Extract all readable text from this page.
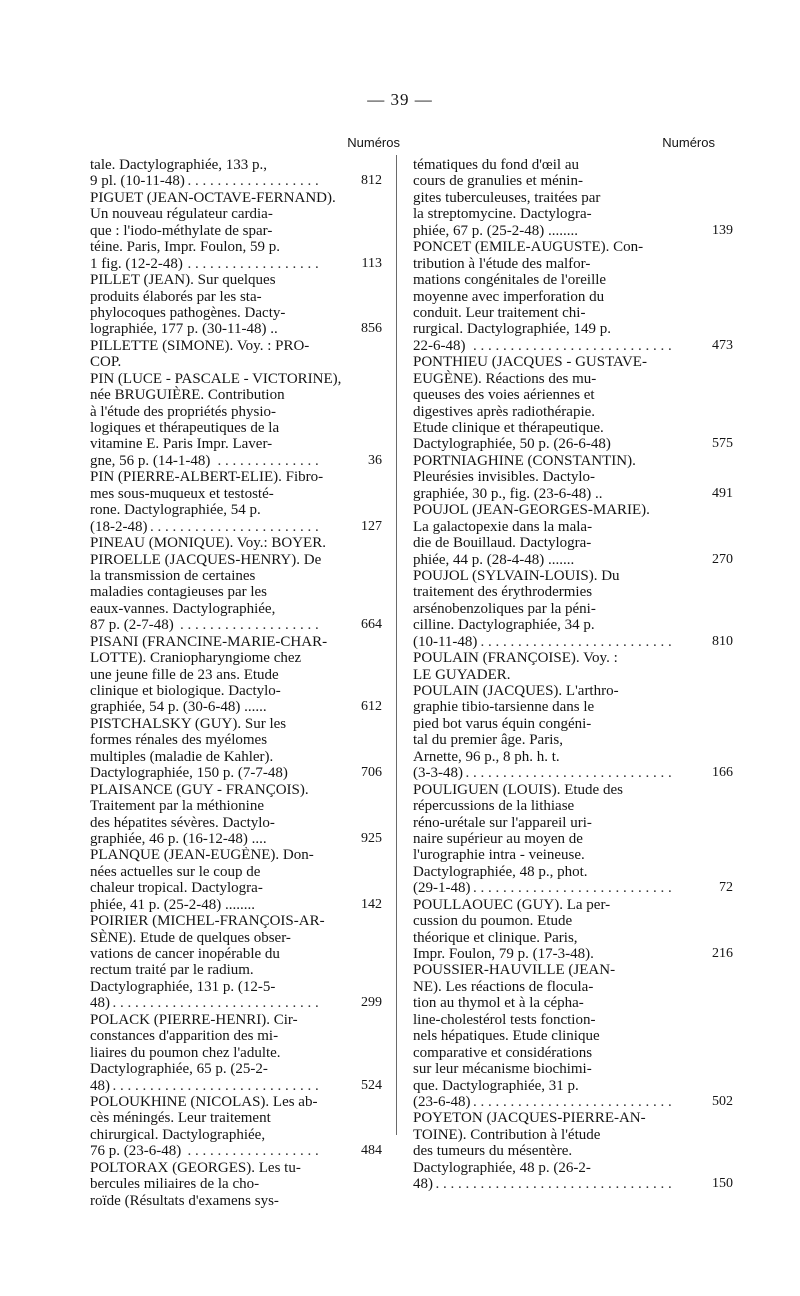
— 39 —
Numéros	Numéros
tale. Dactylographiée, 133 p.,
. . .
9 pl. (10-11-48)	812
PIGUET (JEAN-OCTAVE-FERNAND).
Un nouveau régulateur cardia-
que : l'iodo-méthylate de spar-
téine. Paris, Impr. Foulon, 59 p.
. . .
1 fig. (12-2-48)	113
PILLET (JEAN). Sur quelques
produits élaborés par les sta-
phylocoques pathogènes. Dacty-
lographiée, 177 p. (30-11-48) ..	856
PILLETTE (SIMONE). Voy. : PRO-
COP.
PIN (LUCE - PASCALE - VICTORINE),
née BRUGUIÈRE. Contribution
à l'étude des propriétés physio-
logiques et thérapeutiques de la
vitamine E. Paris Impr. Laver-
. . .
gne, 56 p. (14-1-48)	36
PIN (PIERRE-ALBERT-ELIE). Fibro-
mes sous-muqueux et testosté-
rone. Dactylographiée, 54 p.
. . .
(18-2-48)	127
PINEAU (MONIQUE). Voy.: BOYER.
PIROELLE (JACQUES-HENRY). De
la transmission de certaines
maladies contagieuses par les
eaux-vannes. Dactylographiée,
. . .
87 p. (2-7-48)	664
PISANI (FRANCINE-MARIE-CHAR-
LOTTE). Craniopharyngiome chez
une jeune fille de 23 ans. Etude
clinique et biologique. Dactylo-
graphiée, 54 p. (30-6-48) ......	612
PISTCHALSKY (GUY). Sur les
formes rénales des myélomes
multiples (maladie de Kahler).
Dactylographiée, 150 p. (7-7-48)	706
PLAISANCE (GUY - FRANÇOIS).
Traitement par la méthionine
des hépatites sévères. Dactylo-
graphiée, 46 p. (16-12-48) ....	925
PLANQUE (JEAN-EUGÈNE). Don-
nées actuelles sur le coup de
chaleur tropical. Dactylogra-
phiée, 41 p. (25-2-48) ........	142
POIRIER (MICHEL-FRANÇOIS-AR-
SÈNE). Etude de quelques obser-
vations de cancer inopérable du
rectum traité par le radium.
Dactylographiée, 131 p. (12-5-
. . .
48)	299
POLACK (PIERRE-HENRI). Cir-
constances d'apparition des mi-
liaires du poumon chez l'adulte.
Dactylographiée, 65 p. (25-2-
. . .
48)	524
POLOUKHINE (NICOLAS). Les ab-
cès méningés. Leur traitement
chirurgical. Dactylographiée,
. . .
76 p. (23-6-48)	484
POLTORAX (GEORGES). Les tu-
bercules miliaires de la cho-
roïde (Résultats d'examens sys-
tématiques du fond d'œil au
cours de granulies et ménin-
gites tuberculeuses, traitées par
la streptomycine. Dactylogra-
phiée, 67 p. (25-2-48) ........	139
PONCET (EMILE-AUGUSTE). Con-
tribution à l'étude des malfor-
mations congénitales de l'oreille
moyenne avec imperforation du
conduit. Leur traitement chi-
rurgical. Dactylographiée, 149 p.
. . .
22-6-48)	473
PONTHIEU (JACQUES - GUSTAVE-
EUGÈNE). Réactions des mu-
queuses des voies aériennes et
digestives après radiothérapie.
Etude clinique et thérapeutique.
Dactylographiée, 50 p. (26-6-48)	575
PORTNIAGHINE (CONSTANTIN).
Pleurésies invisibles. Dactylo-
graphiée, 30 p., fig. (23-6-48) ..	491
POUJOL (JEAN-GEORGES-MARIE).
La galactopexie dans la mala-
die de Bouillaud. Dactylogra-
phiée, 44 p. (28-4-48) .......	270
POUJOL (SYLVAIN-LOUIS). Du
traitement des érythrodermies
arsénobenzoliques par la péni-
cilline. Dactylographiée, 34 p.
. . .
(10-11-48)	810
POULAIN (FRANÇOISE). Voy. :
LE GUYADER.
POULAIN (JACQUES). L'arthro-
graphie tibio-tarsienne dans le
pied bot varus équin congéni-
tal du premier âge. Paris,
Arnette, 96 p., 8 ph. h. t.
. . .
(3-3-48)	166
POULIGUEN (LOUIS). Etude des
répercussions de la lithiase
réno-urétale sur l'appareil uri-
naire supérieur au moyen de
l'urographie intra - veineuse.
Dactylographiée, 48 p., phot.
. . .
(29-1-48)	72
POULLAOUEC (GUY). La per-
cussion du poumon. Etude
théorique et clinique. Paris,
Impr. Foulon, 79 p. (17-3-48).	216
POUSSIER-HAUVILLE (JEAN-
NE). Les réactions de flocula-
tion au thymol et à la cépha-
line-cholestérol tests fonction-
nels hépatiques. Etude clinique
comparative et considérations
sur leur mécanisme biochimi-
que. Dactylographiée, 31 p.
. . .
(23-6-48)	502
POYETON (JACQUES-PIERRE-AN-
TOINE). Contribution à l'étude
des tumeurs du mésentère.
Dactylographiée, 48 p. (26-2-
. . .
48)	150
